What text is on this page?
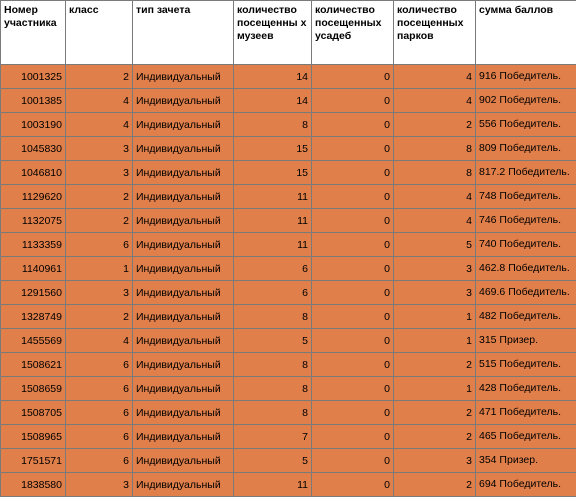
Номер участника	класс	тип зачета	количество посещенны х музеев	количество посещенных усадеб	количество посещенных парков	сумма баллов
1001325	2	Индивидуальный	14	0	4	916 Победитель.
1001385	4	Индивидуальный	14	0	4	902 Победитель.
1003190	4	Индивидуальный	8	0	2	556 Победитель.
1045830	3	Индивидуальный	15	0	8	809 Победитель.
1046810	3	Индивидуальный	15	0	8	817.2 Победитель.
1129620	2	Индивидуальный	11	0	4	748 Победитель.
1132075	2	Индивидуальный	11	0	4	746 Победитель.
1133359	6	Индивидуальный	11	0	5	740 Победитель.
1140961	1	Индивидуальный	6	0	3	462.8 Победитель.
1291560	3	Индивидуальный	6	0	3	469.6 Победитель.
1328749	2	Индивидуальный	8	0	1	482 Победитель.
1455569	4	Индивидуальный	5	0	1	315 Призер.
1508621	6	Индивидуальный	8	0	2	515 Победитель.
1508659	6	Индивидуальный	8	0	1	428 Победитель.
1508705	6	Индивидуальный	8	0	2	471 Победитель.
1508965	6	Индивидуальный	7	0	2	465 Победитель.
1751571	6	Индивидуальный	5	0	3	354 Призер.
1838580	3	Индивидуальный	11	0	2	694 Победитель.
